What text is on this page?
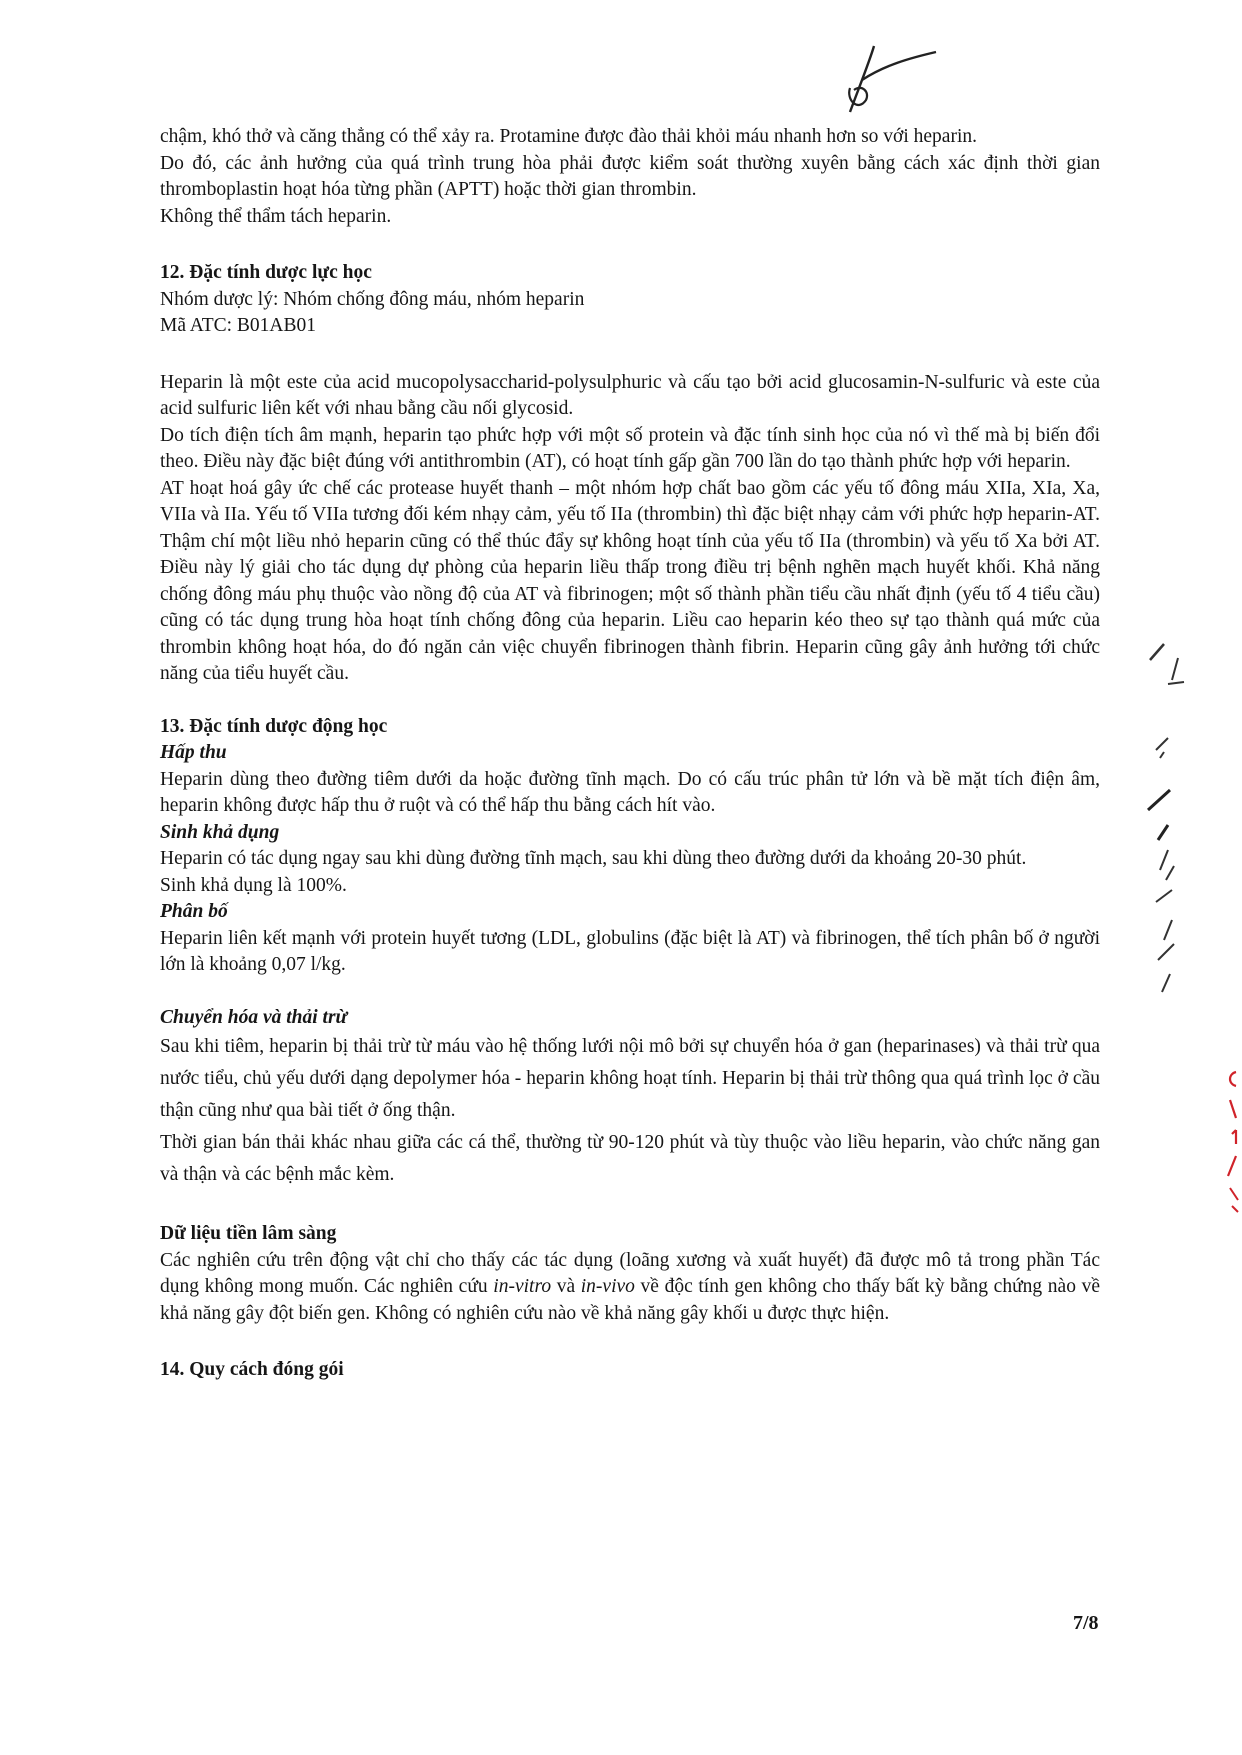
chậm, khó thở và căng thẳng có thể xảy ra. Protamine được đào thải khỏi máu nhanh hơn so với heparin.

Do đó, các ảnh hưởng của quá trình trung hòa phải được kiểm soát thường xuyên bằng cách xác định thời gian thromboplastin hoạt hóa từng phần (APTT) hoặc thời gian thrombin.

Không thể thẩm tách heparin.

12. Đặc tính dược lực học

Nhóm dược lý: Nhóm chống đông máu, nhóm heparin

Mã ATC: B01AB01

Heparin là một este của acid mucopolysaccharid-polysulphuric và cấu tạo bởi acid glucosamin-N-sulfuric và este của acid sulfuric liên kết với nhau bằng cầu nối glycosid.

Do tích điện tích âm mạnh, heparin tạo phức hợp với một số protein và đặc tính sinh học của nó vì thế mà bị biến đổi theo. Điều này đặc biệt đúng với antithrombin (AT), có hoạt tính gấp gần 700 lần do tạo thành phức hợp với heparin.

AT hoạt hoá gây ức chế các protease huyết thanh – một nhóm hợp chất bao gồm các yếu tố đông máu XIIa, XIa, Xa, VIIa và IIa. Yếu tố VIIa tương đối kém nhạy cảm, yếu tố IIa (thrombin) thì đặc biệt nhạy cảm với phức hợp heparin-AT. Thậm chí một liều nhỏ heparin cũng có thể thúc đẩy sự không hoạt tính của yếu tố IIa (thrombin) và yếu tố Xa bởi AT. Điều này lý giải cho tác dụng dự phòng của heparin liều thấp trong điều trị bệnh nghẽn mạch huyết khối. Khả năng chống đông máu phụ thuộc vào nồng độ của AT và fibrinogen; một số thành phần tiểu cầu nhất định (yếu tố 4 tiểu cầu) cũng có tác dụng trung hòa hoạt tính chống đông của heparin. Liều cao heparin kéo theo sự tạo thành quá mức của thrombin không hoạt hóa, do đó ngăn cản việc chuyển fibrinogen thành fibrin. Heparin cũng gây ảnh hưởng tới chức năng của tiểu huyết cầu.

13. Đặc tính dược động học

Hấp thu

Heparin dùng theo đường tiêm dưới da hoặc đường tĩnh mạch. Do có cấu trúc phân tử lớn và bề mặt tích điện âm, heparin không được hấp thu ở ruột và có thể hấp thu bằng cách hít vào.

Sinh khả dụng

Heparin có tác dụng ngay sau khi dùng đường tĩnh mạch, sau khi dùng theo đường dưới da khoảng 20-30 phút.

Sinh khả dụng là 100%.

Phân bố

Heparin liên kết mạnh với protein huyết tương (LDL, globulins (đặc biệt là AT) và fibrinogen, thể tích phân bố ở người lớn là khoảng 0,07 l/kg.

Chuyển hóa và thải trừ

Sau khi tiêm, heparin bị thải trừ từ máu vào hệ thống lưới nội mô bởi sự chuyển hóa ở gan (heparinases) và thải trừ qua nước tiểu, chủ yếu dưới dạng depolymer hóa - heparin không hoạt tính. Heparin bị thải trừ thông qua quá trình lọc ở cầu thận cũng như qua bài tiết ở ống thận.

Thời gian bán thải khác nhau giữa các cá thể, thường từ 90-120 phút và tùy thuộc vào liều heparin, vào chức năng gan và thận và các bệnh mắc kèm.

Dữ liệu tiền lâm sàng

Các nghiên cứu trên động vật chỉ cho thấy các tác dụng (loãng xương và xuất huyết) đã được mô tả trong phần Tác dụng không mong muốn. Các nghiên cứu in-vitro và in-vivo về độc tính gen không cho thấy bất kỳ bằng chứng nào về khả năng gây đột biến gen. Không có nghiên cứu nào về khả năng gây khối u được thực hiện.

14. Quy cách đóng gói

7/8
